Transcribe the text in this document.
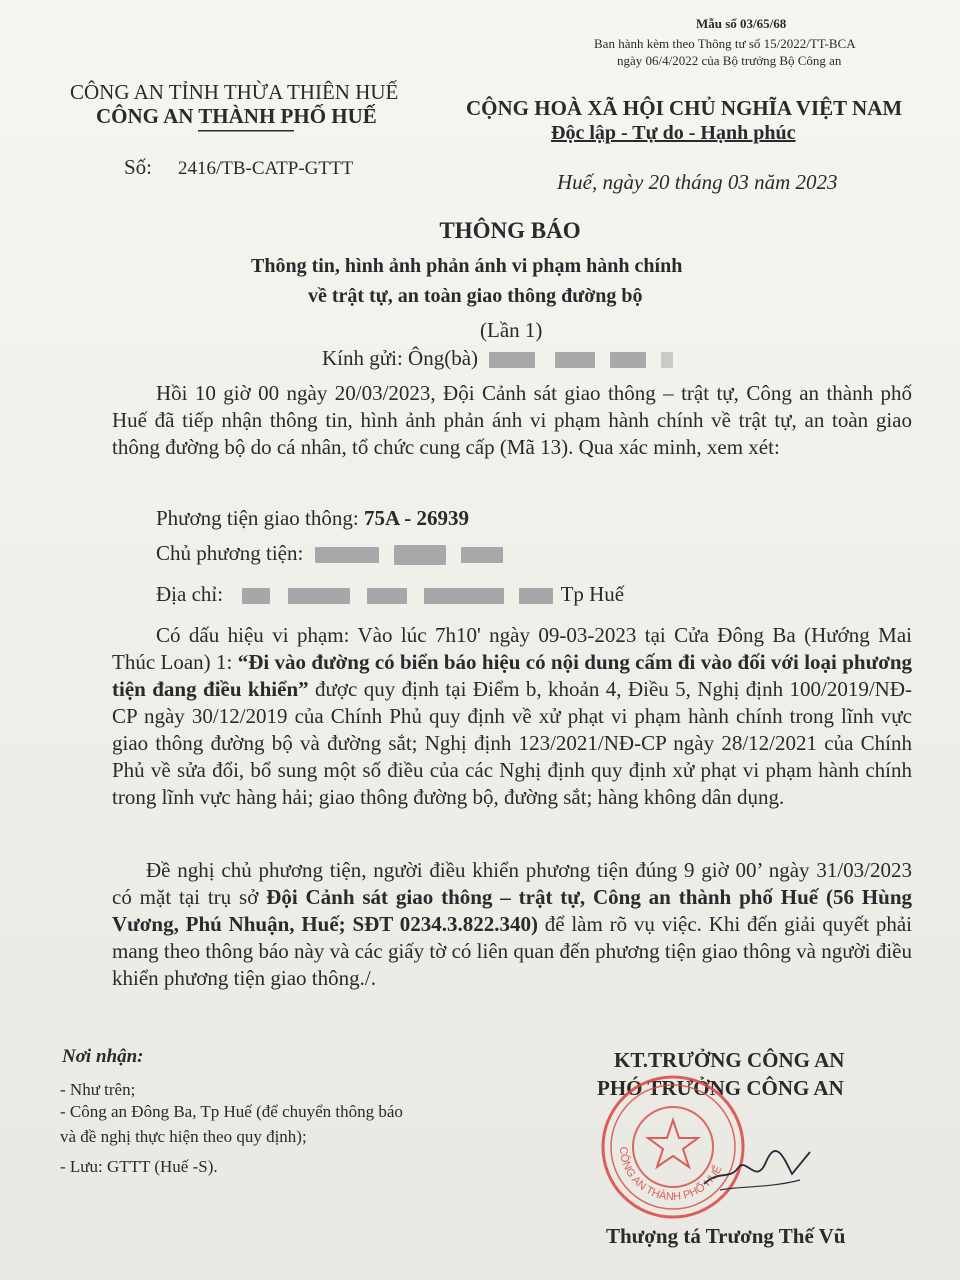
Mẫu số 03/65/68
Ban hành kèm theo Thông tư số 15/2022/TT-BCA
ngày 06/4/2022 của Bộ trưởng Bộ Công an
CÔNG AN TỈNH THỪA THIÊN HUẾ
CÔNG AN THÀNH PHỐ HUẾ
Số: 2416/TB-CATP-GTTT
CỘNG HOÀ XÃ HỘI CHỦ NGHĨA VIỆT NAM
Độc lập - Tự do - Hạnh phúc
Huế, ngày 20 tháng 03 năm 2023
THÔNG BÁO
Thông tin, hình ảnh phản ánh vi phạm hành chính
về trật tự, an toàn giao thông đường bộ
(Lần 1)
Kính gửi: Ông(bà)
Hồi 10 giờ 00 ngày 20/03/2023, Đội Cảnh sát giao thông – trật tự, Công an thành phố Huế đã tiếp nhận thông tin, hình ảnh phản ánh vi phạm hành chính về trật tự, an toàn giao thông đường bộ do cá nhân, tổ chức cung cấp (Mã 13). Qua xác minh, xem xét:
Phương tiện giao thông: 75A - 26939
Chủ phương tiện:
Địa chỉ:	Tp Huế
Có dấu hiệu vi phạm: Vào lúc 7h10' ngày 09-03-2023 tại Cửa Đông Ba (Hướng Mai Thúc Loan) 1: “Đi vào đường có biển báo hiệu có nội dung cấm đi vào đối với loại phương tiện đang điều khiển” được quy định tại Điểm b, khoản 4, Điều 5, Nghị định 100/2019/NĐ-CP ngày 30/12/2019 của Chính Phủ quy định về xử phạt vi phạm hành chính trong lĩnh vực giao thông đường bộ và đường sắt; Nghị định 123/2021/NĐ-CP ngày 28/12/2021 của Chính Phủ về sửa đổi, bổ sung một số điều của các Nghị định quy định xử phạt vi phạm hành chính trong lĩnh vực hàng hải; giao thông đường bộ, đường sắt; hàng không dân dụng.
Đề nghị chủ phương tiện, người điều khiển phương tiện đúng 9 giờ 00’ ngày 31/03/2023 có mặt tại trụ sở Đội Cảnh sát giao thông – trật tự, Công an thành phố Huế (56 Hùng Vương, Phú Nhuận, Huế; SĐT 0234.3.822.340) để làm rõ vụ việc. Khi đến giải quyết phải mang theo thông báo này và các giấy tờ có liên quan đến phương tiện giao thông và người điều khiển phương tiện giao thông./.
Nơi nhận:
- Như trên;
- Công an Đông Ba, Tp Huế (để chuyển thông báo
và đề nghị thực hiện theo quy định);
- Lưu: GTTT (Huế -S).
KT.TRƯỞNG CÔNG AN
PHÓ TRƯỞNG CÔNG AN
CÔNG AN THÀNH PHỐ HUẾ
Thượng tá Trương Thế Vũ
